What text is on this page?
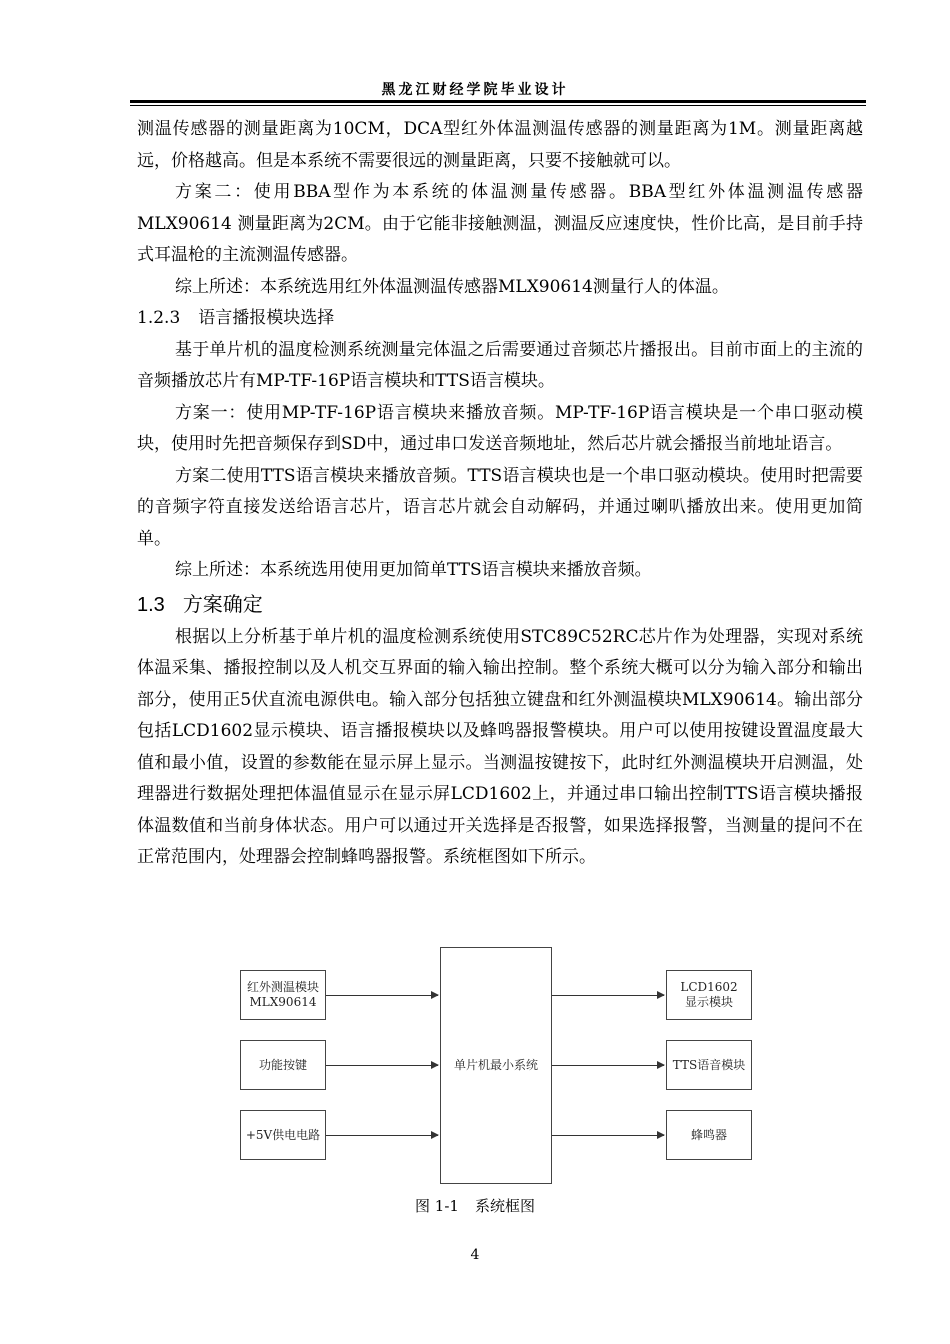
黑龙江财经学院毕业设计

测温传感器的测量距离为10CM，DCA型红外体温测温传感器的测量距离为1M。测量距离越远，价格越高。但是本系统不需要很远的测量距离，只要不接触就可以。

方案二：使用BBA型作为本系统的体温测量传感器。BBA型红外体温测温传感器MLX90614 测量距离为2CM。由于它能非接触测温，测温反应速度快，性价比高，是目前手持式耳温枪的主流测温传感器。

综上所述：本系统选用红外体温测温传感器MLX90614测量行人的体温。

1.2.3 语言播报模块选择

基于单片机的温度检测系统测量完体温之后需要通过音频芯片播报出。目前市面上的主流的音频播放芯片有MP-TF-16P语言模块和TTS语言模块。

方案一：使用MP-TF-16P语言模块来播放音频。MP-TF-16P语言模块是一个串口驱动模块，使用时先把音频保存到SD中，通过串口发送音频地址，然后芯片就会播报当前地址语言。

方案二使用TTS语言模块来播放音频。TTS语言模块也是一个串口驱动模块。使用时把需要的音频字符直接发送给语言芯片，语言芯片就会自动解码，并通过喇叭播放出来。使用更加简单。

综上所述：本系统选用使用更加简单TTS语言模块来播放音频。

1.3 方案确定

根据以上分析基于单片机的温度检测系统使用STC89C52RC芯片作为处理器，实现对系统体温采集、播报控制以及人机交互界面的输入输出控制。整个系统大概可以分为输入部分和输出部分，使用正5伏直流电源供电。输入部分包括独立键盘和红外测温模块MLX90614。输出部分包括LCD1602显示模块、语言播报模块以及蜂鸣器报警模块。用户可以使用按键设置温度最大值和最小值，设置的参数能在显示屏上显示。当测温按键按下，此时红外测温模块开启测温，处理器进行数据处理把体温值显示在显示屏LCD1602上，并通过串口输出控制TTS语言模块播报体温数值和当前身体状态。用户可以通过开关选择是否报警，如果选择报警，当测量的提问不在正常范围内，处理器会控制蜂鸣器报警。系统框图如下所示。

红外测温模块
MLX90614
功能按键
+5V供电电路
单片机最小系统
LCD1602
显示模块
TTS语音模块
蜂鸣器
图 1-1 系统框图
4
